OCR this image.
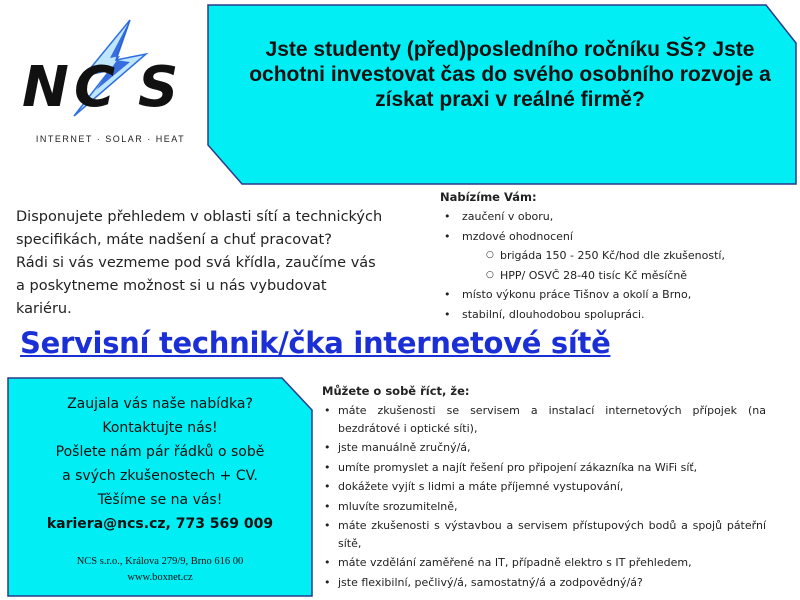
N C S
INTERNET · SOLAR · HEAT
Jste studenty (před)posledního ročníku SŠ? Jste ochotni investovat čas do svého osobního rozvoje a získat praxi v reálné firmě?
Disponujete přehledem v oblasti sítí a technických
specifikách, máte nadšení a chuť pracovat?
Rádi si vás vezmeme pod svá křídla, zaučíme vás
a poskytneme možnost si u nás vybudovat
kariéru.
Nabízíme Vám:
• zaučení v oboru,
• mzdové ohodnocení
○ brigáda 150 - 250 Kč/hod dle zkušeností,
○ HPP/ OSVČ 28-40 tisíc Kč měsíčně
• místo výkonu práce Tišnov a okolí a Brno,
• stabilní, dlouhodobou spolupráci.
Servisní technik/čka internetové sítě
Zaujala vás naše nabídka?
Kontaktujte nás!
Pošlete nám pár řádků o sobě
a svých zkušenostech + CV.
Těšíme se na vás!
kariera@ncs.cz, 773 569 009
NCS s.r.o., Králova 279/9, Brno 616 00
www.boxnet.cz
Můžete o sobě říct, že:
• máte zkušenosti se servisem a instalací internetových přípojek (na bezdrátové i optické síti),
• jste manuálně zručný/á,
• umíte promyslet a najít řešení pro připojení zákazníka na WiFi síť,
• dokážete vyjít s lidmi a máte příjemné vystupování,
• mluvíte srozumitelně,
• máte zkušenosti s výstavbou a servisem přístupových bodů a spojů páteřní sítě,
• máte vzdělání zaměřené na IT, případně elektro s IT přehledem,
• jste flexibilní, pečlivý/á, samostatný/á a zodpovědný/á?
